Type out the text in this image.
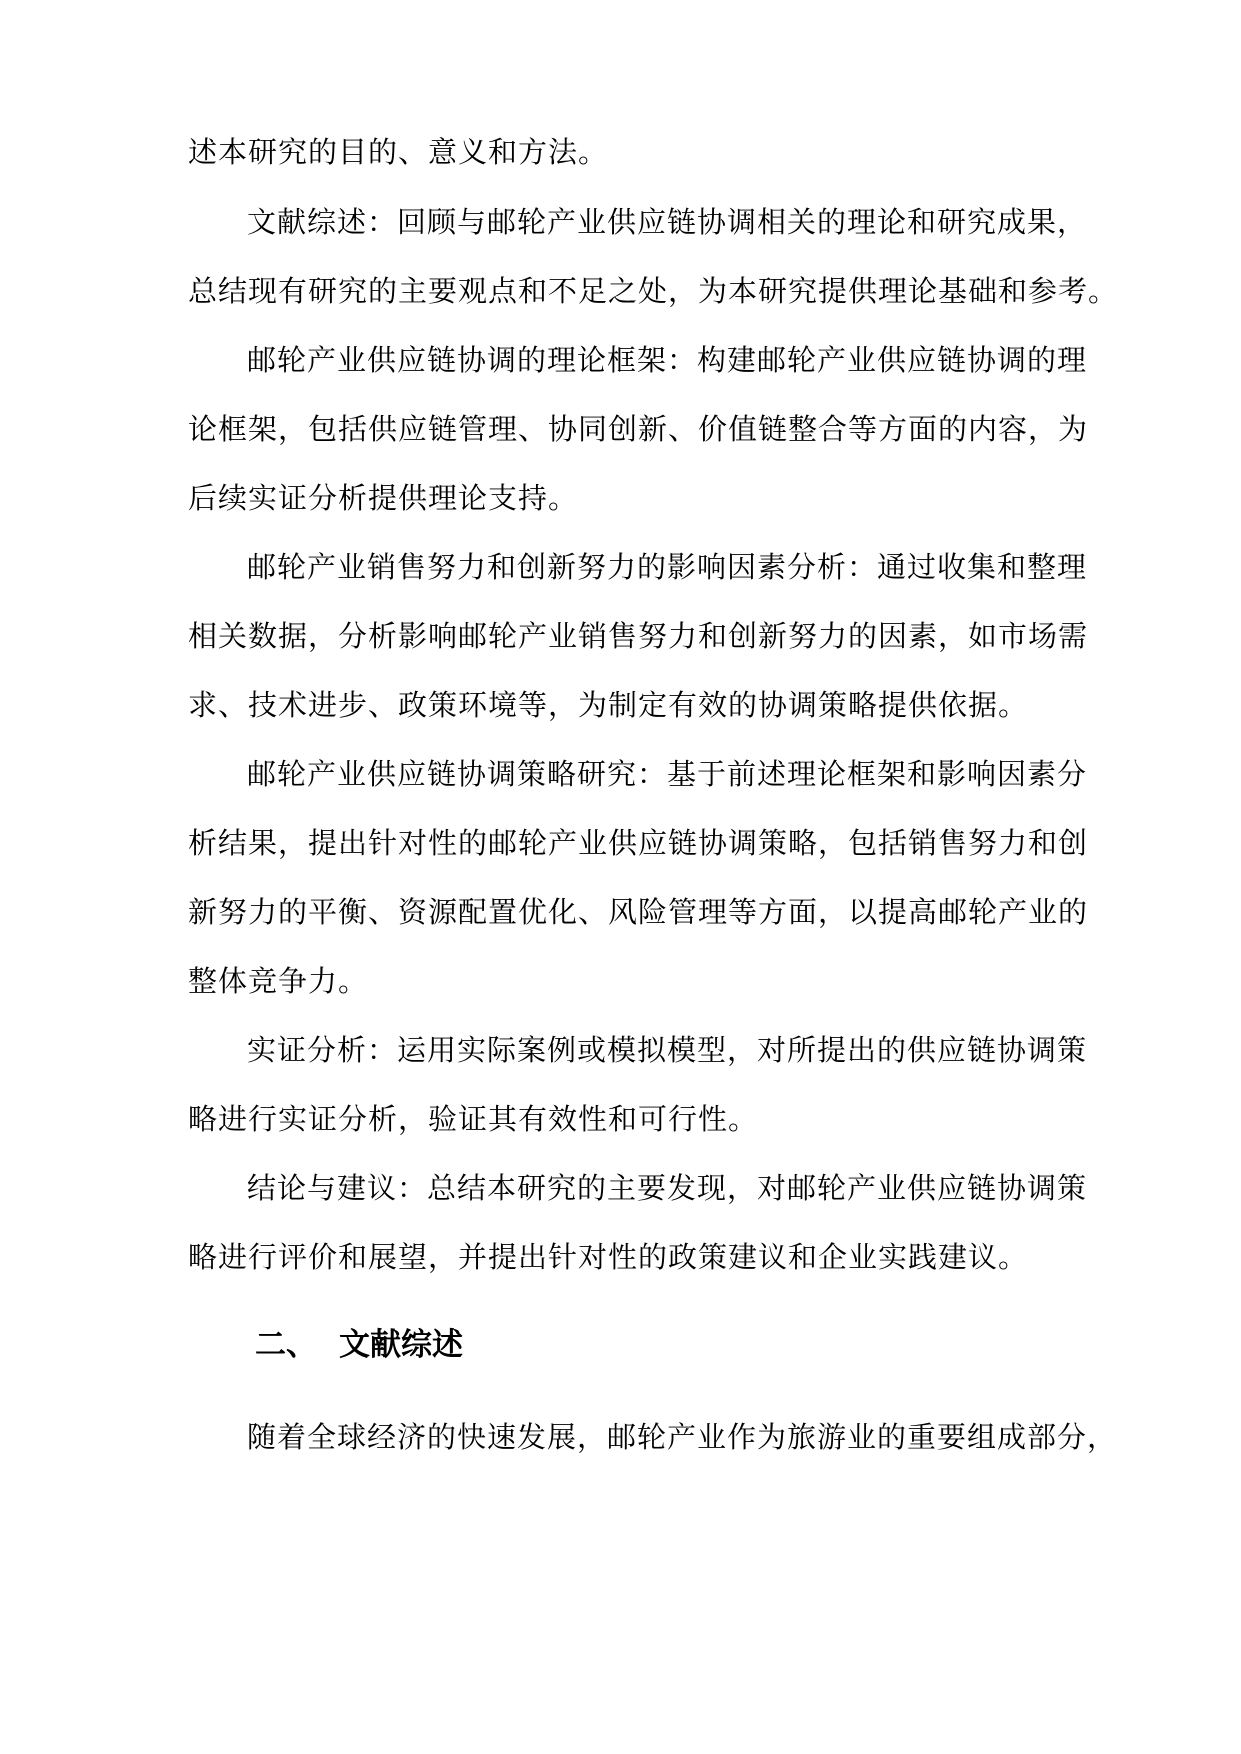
述本研究的目的、意义和方法。
文献综述：回顾与邮轮产业供应链协调相关的理论和研究成果，
总结现有研究的主要观点和不足之处，为本研究提供理论基础和参考。
邮轮产业供应链协调的理论框架：构建邮轮产业供应链协调的理
论框架，包括供应链管理、协同创新、价值链整合等方面的内容，为
后续实证分析提供理论支持。
邮轮产业销售努力和创新努力的影响因素分析：通过收集和整理
相关数据，分析影响邮轮产业销售努力和创新努力的因素，如市场需
求、技术进步、政策环境等，为制定有效的协调策略提供依据。
邮轮产业供应链协调策略研究：基于前述理论框架和影响因素分
析结果，提出针对性的邮轮产业供应链协调策略，包括销售努力和创
新努力的平衡、资源配置优化、风险管理等方面，以提高邮轮产业的
整体竞争力。
实证分析：运用实际案例或模拟模型，对所提出的供应链协调策
略进行实证分析，验证其有效性和可行性。
结论与建议：总结本研究的主要发现，对邮轮产业供应链协调策
略进行评价和展望，并提出针对性的政策建议和企业实践建议。
二、 文献综述
随着全球经济的快速发展，邮轮产业作为旅游业的重要组成部分，
